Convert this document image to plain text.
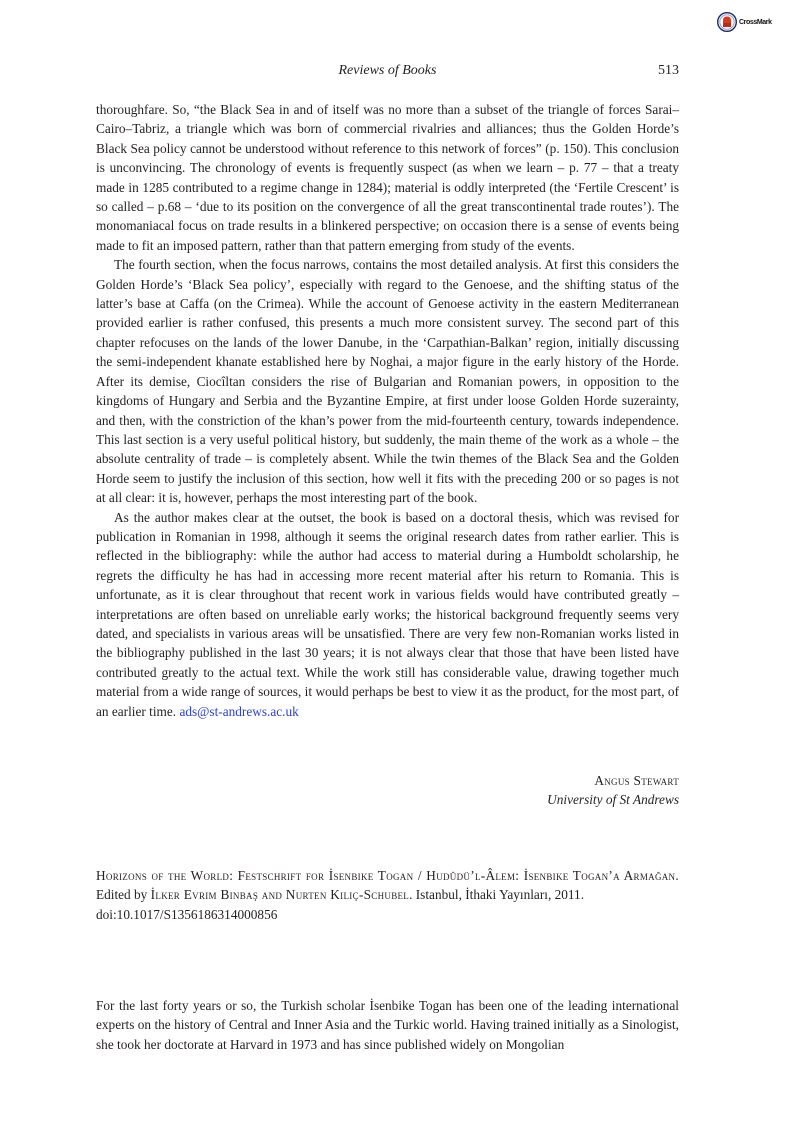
CrossMark
Reviews of Books	513

thoroughfare. So, “the Black Sea in and of itself was no more than a subset of the triangle of forces Sarai–Cairo–Tabriz, a triangle which was born of commercial rivalries and alliances; thus the Golden Horde’s Black Sea policy cannot be understood without reference to this network of forces” (p. 150). This conclusion is unconvincing. The chronology of events is frequently suspect (as when we learn – p. 77 – that a treaty made in 1285 contributed to a regime change in 1284); material is oddly interpreted (the ‘Fertile Crescent’ is so called – p.68 – ‘due to its position on the convergence of all the great transcontinental trade routes’). The monomaniacal focus on trade results in a blinkered perspective; on occasion there is a sense of events being made to fit an imposed pattern, rather than that pattern emerging from study of the events.

The fourth section, when the focus narrows, contains the most detailed analysis. At first this considers the Golden Horde’s ‘Black Sea policy’, especially with regard to the Genoese, and the shifting status of the latter’s base at Caffa (on the Crimea). While the account of Genoese activity in the eastern Mediterranean provided earlier is rather confused, this presents a much more consistent survey. The second part of this chapter refocuses on the lands of the lower Danube, in the ‘Carpathian-Balkan’ region, initially discussing the semi-independent khanate established here by Noghai, a major figure in the early history of the Horde. After its demise, Ciocîltan considers the rise of Bulgarian and Romanian powers, in opposition to the kingdoms of Hungary and Serbia and the Byzantine Empire, at first under loose Golden Horde suzerainty, and then, with the constriction of the khan’s power from the mid-fourteenth century, towards independence. This last section is a very useful political history, but suddenly, the main theme of the work as a whole – the absolute centrality of trade – is completely absent. While the twin themes of the Black Sea and the Golden Horde seem to justify the inclusion of this section, how well it fits with the preceding 200 or so pages is not at all clear: it is, however, perhaps the most interesting part of the book.

As the author makes clear at the outset, the book is based on a doctoral thesis, which was revised for publication in Romanian in 1998, although it seems the original research dates from rather earlier. This is reflected in the bibliography: while the author had access to material during a Humboldt scholarship, he regrets the difficulty he has had in accessing more recent material after his return to Romania. This is unfortunate, as it is clear throughout that recent work in various fields would have contributed greatly – interpretations are often based on unreliable early works; the historical background frequently seems very dated, and specialists in various areas will be unsatisfied. There are very few non-Romanian works listed in the bibliography published in the last 30 years; it is not always clear that those that have been listed have contributed greatly to the actual text. While the work still has considerable value, drawing together much material from a wide range of sources, it would perhaps be best to view it as the product, for the most part, of an earlier time. ads@st-andrews.ac.uk

Angus Stewart
University of St Andrews
Horizons of the World: Festschrift for İsenbike Togan / Hudûdü’l-Âlem: İsenbike Togan’a Armağan. Edited by İlker Evrim Binbaş and Nurten Kılıç-Schubel. Istanbul, İthaki Yayınları, 2011.
doi:10.1017/S1356186314000856

For the last forty years or so, the Turkish scholar İsenbike Togan has been one of the leading international experts on the history of Central and Inner Asia and the Turkic world. Having trained initially as a Sinologist, she took her doctorate at Harvard in 1973 and has since published widely on Mongolian
